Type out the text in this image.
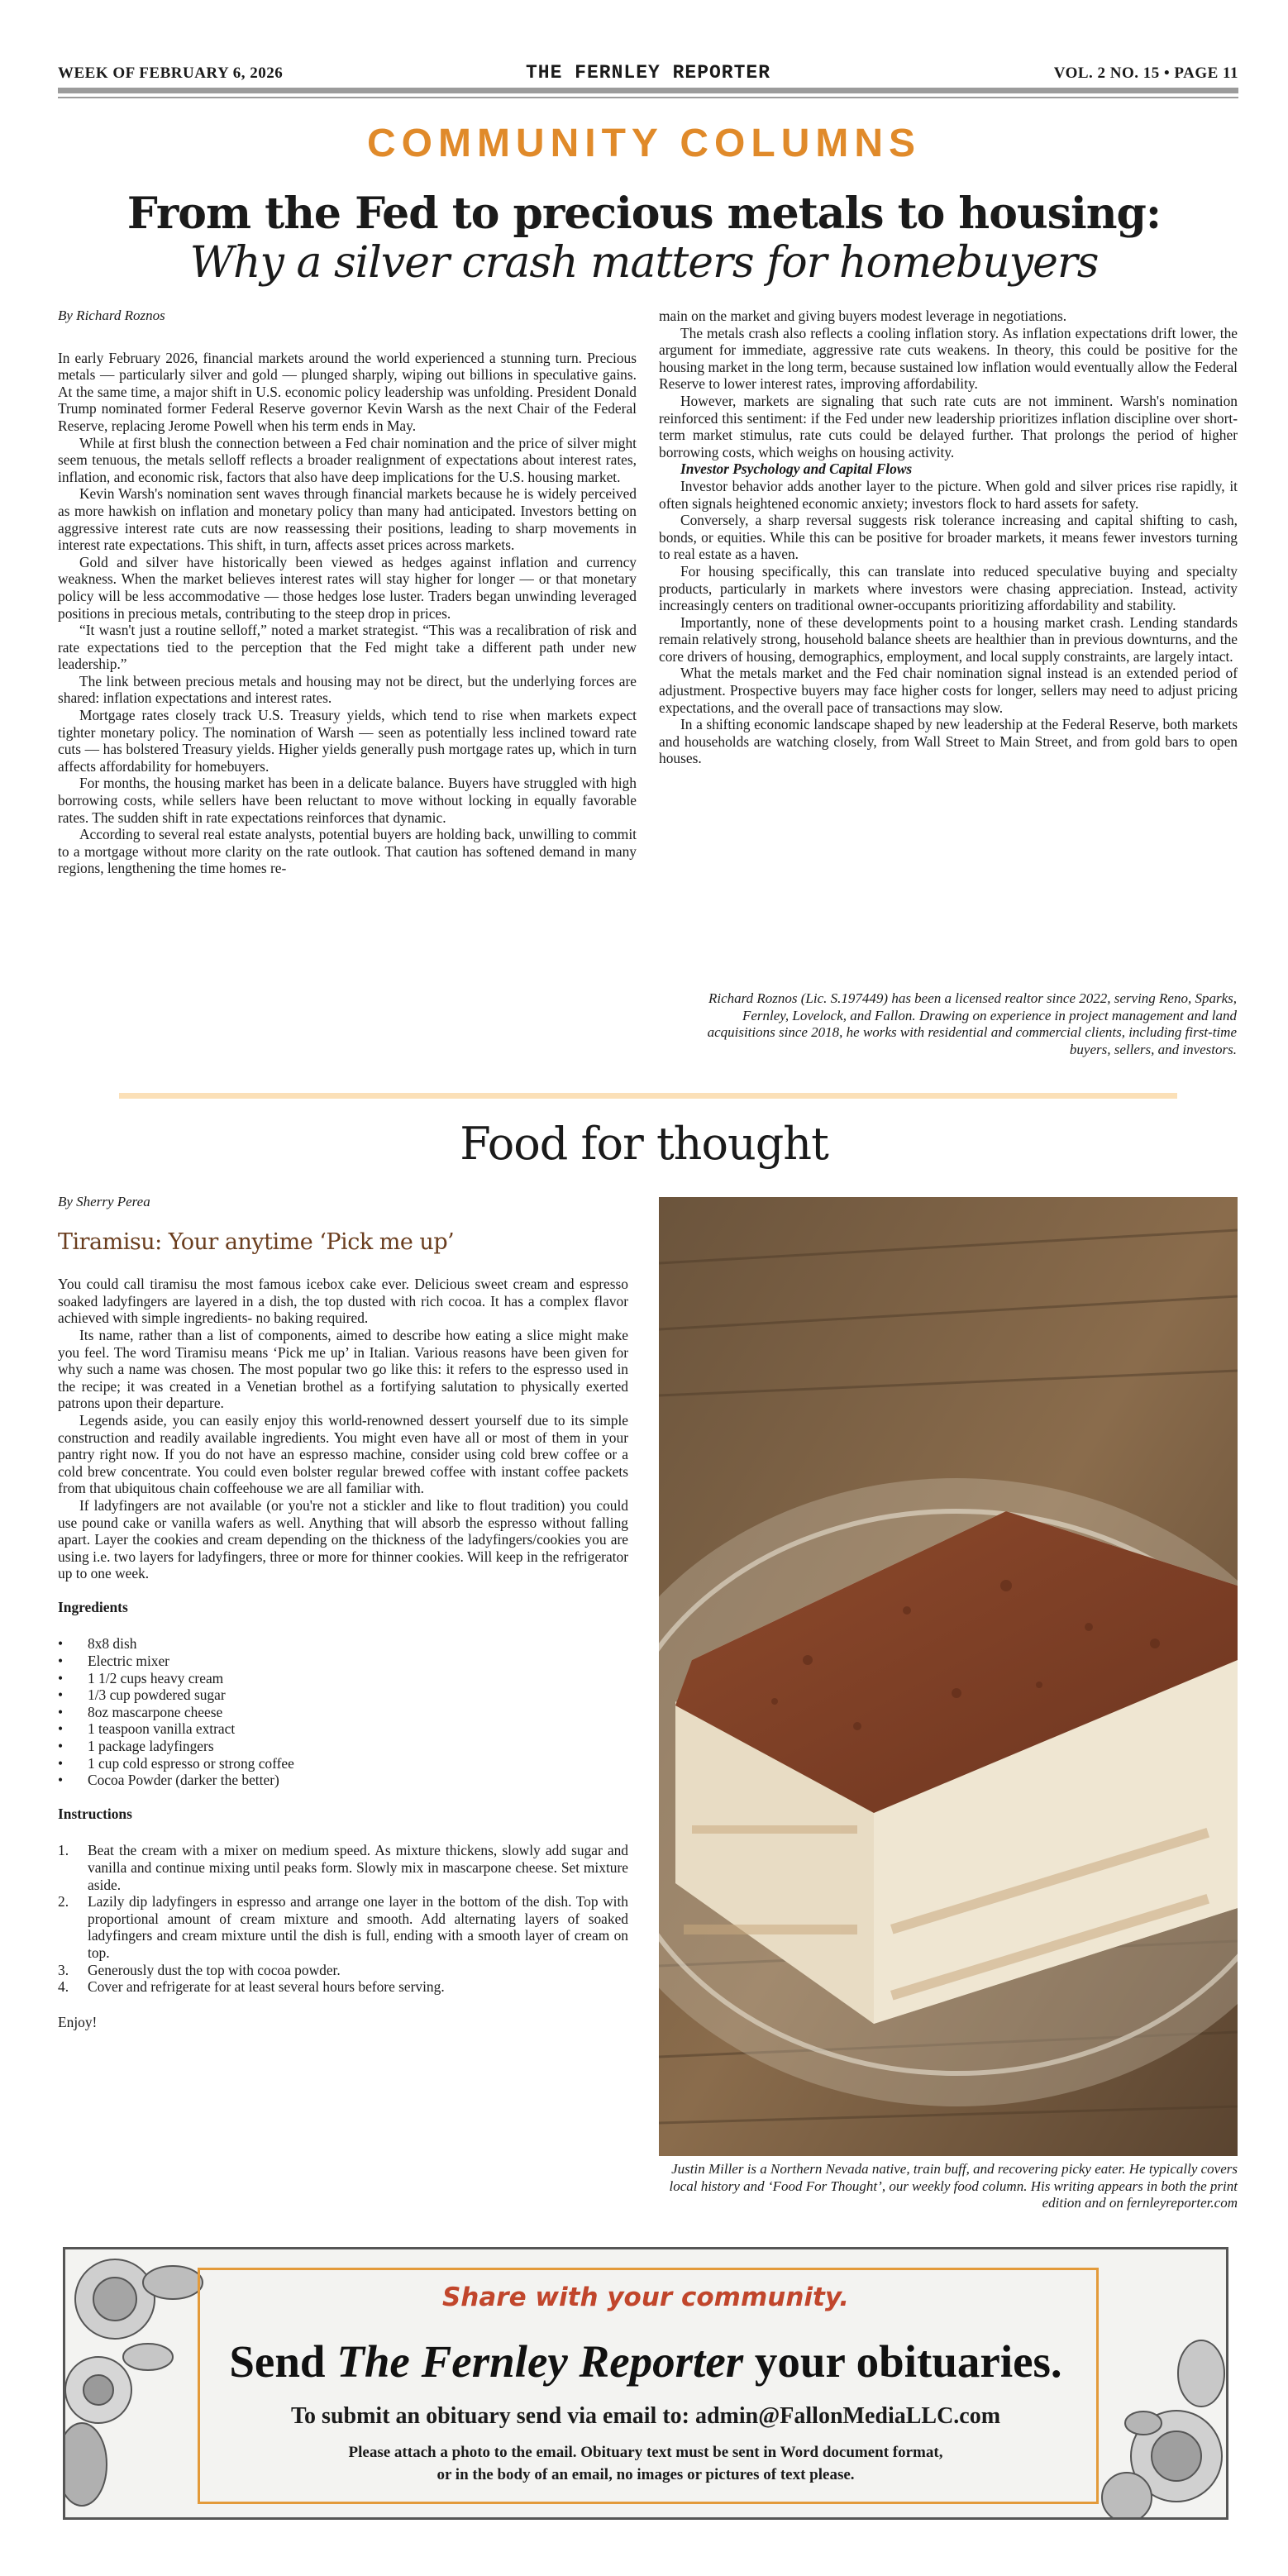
WEEK OF FEBRUARY 6, 2026	THE FERNLEY REPORTER	VOL. 2 NO. 15 • PAGE 11
COMMUNITY COLUMNS
From the Fed to precious metals to housing:
Why a silver crash matters for homebuyers

By Richard Roznos

In early February 2026, financial markets around the world experienced a stunning turn. Precious metals — particularly silver and gold — plunged sharply, wiping out billions in speculative gains. At the same time, a major shift in U.S. economic policy leadership was unfolding. President Donald Trump nominated former Federal Reserve governor Kevin Warsh as the next Chair of the Federal Reserve, replacing Jerome Powell when his term ends in May.

While at first blush the connection between a Fed chair nomination and the price of silver might seem tenuous, the metals selloff reflects a broader realignment of expectations about interest rates, inflation, and economic risk, factors that also have deep implications for the U.S. housing market.

Kevin Warsh's nomination sent waves through financial markets because he is widely perceived as more hawkish on inflation and monetary policy than many had anticipated. Investors betting on aggressive interest rate cuts are now reassessing their positions, leading to sharp movements in interest rate expectations. This shift, in turn, affects asset prices across markets.

Gold and silver have historically been viewed as hedges against inflation and currency weakness. When the market believes interest rates will stay higher for longer — or that monetary policy will be less accommodative — those hedges lose luster. Traders began unwinding leveraged positions in precious metals, contributing to the steep drop in prices.

“It wasn't just a routine selloff,” noted a market strategist. “This was a recalibration of risk and rate expectations tied to the perception that the Fed might take a different path under new leadership.”

The link between precious metals and housing may not be direct, but the underlying forces are shared: inflation expectations and interest rates.

Mortgage rates closely track U.S. Treasury yields, which tend to rise when markets expect tighter monetary policy. The nomination of Warsh — seen as potentially less inclined toward rate cuts — has bolstered Treasury yields. Higher yields generally push mortgage rates up, which in turn affects affordability for homebuyers.

For months, the housing market has been in a delicate balance. Buyers have struggled with high borrowing costs, while sellers have been reluctant to move without locking in equally favorable rates. The sudden shift in rate expectations reinforces that dynamic.

According to several real estate analysts, potential buyers are holding back, unwilling to commit to a mortgage without more clarity on the rate outlook. That caution has softened demand in many regions, lengthening the time homes re-

main on the market and giving buyers modest leverage in negotiations.

The metals crash also reflects a cooling inflation story. As inflation expectations drift lower, the argument for immediate, aggressive rate cuts weakens. In theory, this could be positive for the housing market in the long term, because sustained low inflation would eventually allow the Federal Reserve to lower interest rates, improving affordability.

However, markets are signaling that such rate cuts are not imminent. Warsh's nomination reinforced this sentiment: if the Fed under new leadership prioritizes inflation discipline over short-term market stimulus, rate cuts could be delayed further. That prolongs the period of higher borrowing costs, which weighs on housing activity.

Investor Psychology and Capital Flows

Investor behavior adds another layer to the picture. When gold and silver prices rise rapidly, it often signals heightened economic anxiety; investors flock to hard assets for safety.

Conversely, a sharp reversal suggests risk tolerance increasing and capital shifting to cash, bonds, or equities. While this can be positive for broader markets, it means fewer investors turning to real estate as a haven.

For housing specifically, this can translate into reduced speculative buying and specialty products, particularly in markets where investors were chasing appreciation. Instead, activity increasingly centers on traditional owner-occupants prioritizing affordability and stability.

Importantly, none of these developments point to a housing market crash. Lending standards remain relatively strong, household balance sheets are healthier than in previous downturns, and the core drivers of housing, demographics, employment, and local supply constraints, are largely intact.

What the metals market and the Fed chair nomination signal instead is an extended period of adjustment. Prospective buyers may face higher costs for longer, sellers may need to adjust pricing expectations, and the overall pace of transactions may slow.

In a shifting economic landscape shaped by new leadership at the Federal Reserve, both markets and households are watching closely, from Wall Street to Main Street, and from gold bars to open houses.

Richard Roznos (Lic. S.197449) has been a licensed realtor since 2022, serving Reno, Sparks, Fernley, Lovelock, and Fallon. Drawing on experience in project management and land acquisitions since 2018, he works with residential and commercial clients, including first-time buyers, sellers, and investors.
Food for thought

By Sherry Perea

Tiramisu: Your anytime ‘Pick me up’

You could call tiramisu the most famous icebox cake ever. Delicious sweet cream and espresso soaked ladyfingers are layered in a dish, the top dusted with rich cocoa. It has a complex flavor achieved with simple ingredients- no baking required.

Its name, rather than a list of components, aimed to describe how eating a slice might make you feel. The word Tiramisu means ‘Pick me up’ in Italian. Various reasons have been given for why such a name was chosen. The most popular two go like this: it refers to the espresso used in the recipe; it was created in a Venetian brothel as a fortifying salutation to physically exerted patrons upon their departure.

Legends aside, you can easily enjoy this world-renowned dessert yourself due to its simple construction and readily available ingredients. You might even have all or most of them in your pantry right now. If you do not have an espresso machine, consider using cold brew coffee or a cold brew concentrate. You could even bolster regular brewed coffee with instant coffee packets from that ubiquitous chain coffeehouse we are all familiar with.

If ladyfingers are not available (or you're not a stickler and like to flout tradition) you could use pound cake or vanilla wafers as well. Anything that will absorb the espresso without falling apart. Layer the cookies and cream depending on the thickness of the ladyfingers/cookies you are using i.e. two layers for ladyfingers, three or more for thinner cookies. Will keep in the refrigerator up to one week.

Ingredients
• 8x8 dish
• Electric mixer
• 1 1/2 cups heavy cream
• 1/3 cup powdered sugar
• 8oz mascarpone cheese
• 1 teaspoon vanilla extract
• 1 package ladyfingers
• 1 cup cold espresso or strong coffee
• Cocoa Powder (darker the better)
Instructions
1. Beat the cream with a mixer on medium speed. As mixture thickens, slowly add sugar and vanilla and continue mixing until peaks form. Slowly mix in mascarpone cheese. Set mixture aside.
2. Lazily dip ladyfingers in espresso and arrange one layer in the bottom of the dish. Top with proportional amount of cream mixture and smooth. Add alternating layers of soaked ladyfingers and cream mixture until the dish is full, ending with a smooth layer of cream on top.
3. Generously dust the top with cocoa powder.
4. Cover and refrigerate for at least several hours before serving.

Enjoy!

Justin Miller is a Northern Nevada native, train buff, and recovering picky eater. He typically covers local history and ‘Food For Thought’, our weekly food column. His writing appears in both the print edition and on fernleyreporter.com
Share with your community.
Send The Fernley Reporter your obituaries.
To submit an obituary send via email to: admin@FallonMediaLLC.com
Please attach a photo to the email. Obituary text must be sent in Word document format,
or in the body of an email, no images or pictures of text please.
